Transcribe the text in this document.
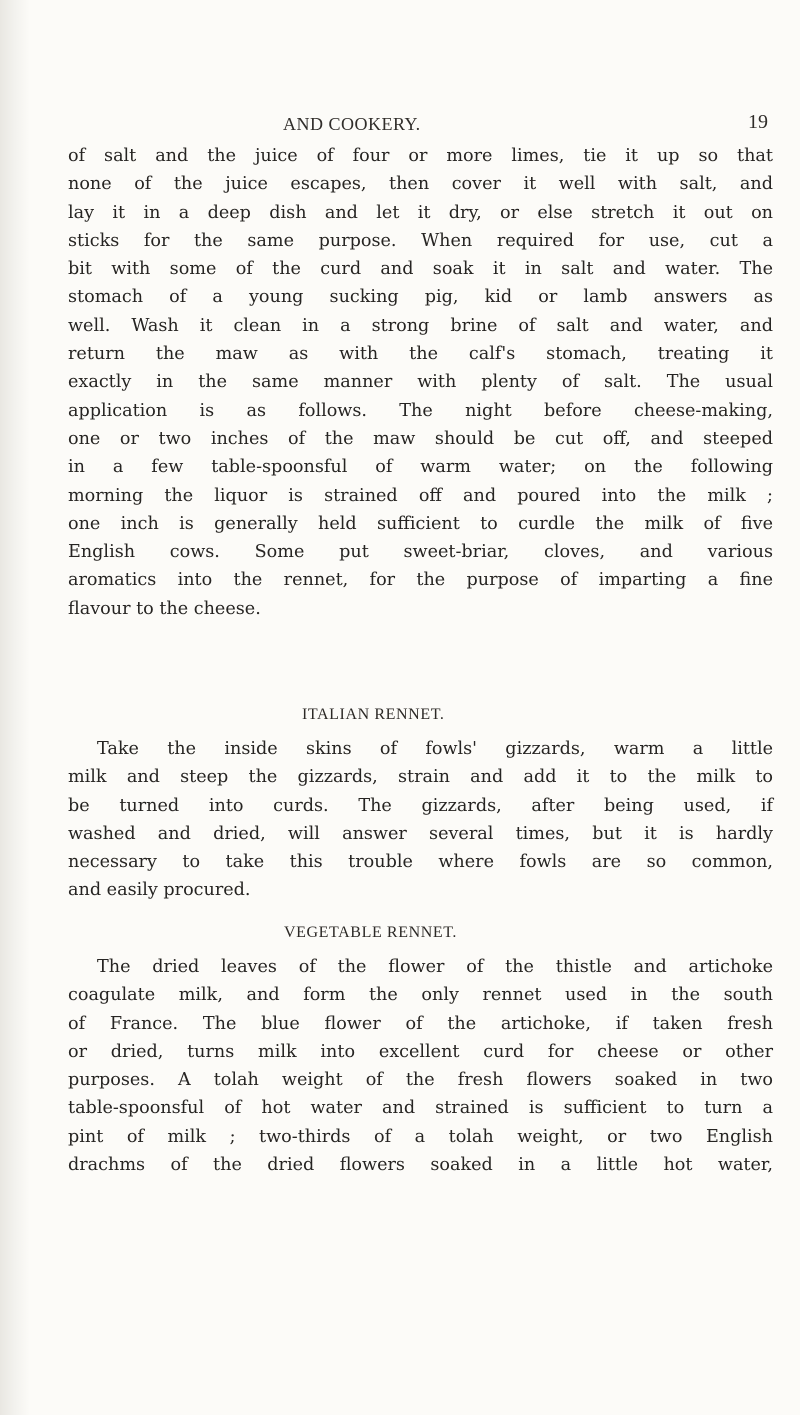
AND COOKERY.	19
of salt and the juice of four or more limes, tie it up so that
none of the juice escapes, then cover it well with salt, and
lay it in a deep dish and let it dry, or else stretch it out on
sticks for the same purpose. When required for use, cut a
bit with some of the curd and soak it in salt and water. The
stomach of a young sucking pig, kid or lamb answers as
well. Wash it clean in a strong brine of salt and water, and
return the maw as with the calf's stomach, treating it
exactly in the same manner with plenty of salt. The usual
application is as follows. The night before cheese-making,
one or two inches of the maw should be cut off, and steeped
in a few table-spoonsful of warm water; on the following
morning the liquor is strained off and poured into the milk ;
one inch is generally held sufficient to curdle the milk of five
English cows. Some put sweet-briar, cloves, and various
aromatics into the rennet, for the purpose of imparting a fine
flavour to the cheese.
ITALIAN RENNET.
Take the inside skins of fowls' gizzards, warm a little
milk and steep the gizzards, strain and add it to the milk to
be turned into curds. The gizzards, after being used, if
washed and dried, will answer several times, but it is hardly
necessary to take this trouble where fowls are so common,
and easily procured.
VEGETABLE RENNET.
The dried leaves of the flower of the thistle and artichoke
coagulate milk, and form the only rennet used in the south
of France. The blue flower of the artichoke, if taken fresh
or dried, turns milk into excellent curd for cheese or other
purposes. A tolah weight of the fresh flowers soaked in two
table-spoonsful of hot water and strained is sufficient to turn a
pint of milk ; two-thirds of a tolah weight, or two English
drachms of the dried flowers soaked in a little hot water,
